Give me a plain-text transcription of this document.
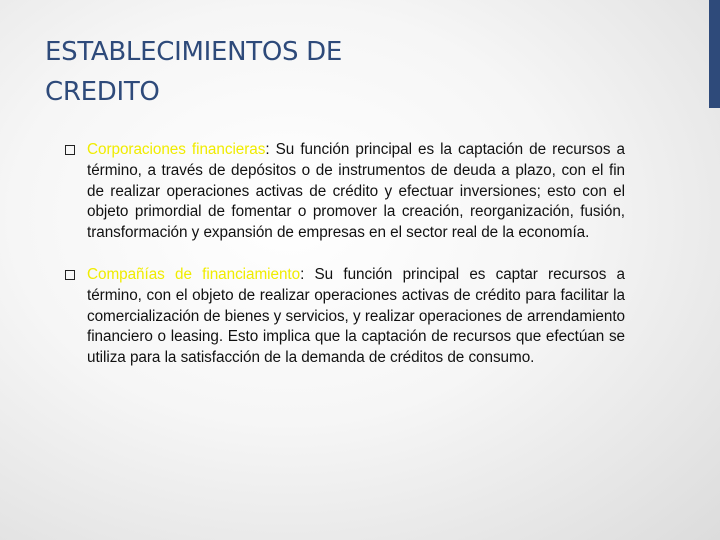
ESTABLECIMIENTOS DE
CREDITO

Corporaciones financieras: Su función principal es la captación de recursos a término, a través de depósitos o de instrumentos de deuda a plazo, con el fin de realizar operaciones activas de crédito y efectuar inversiones; esto con el objeto primordial de fomentar o promover la creación, reorganización, fusión, transformación y expansión de empresas en el sector real de la economía.

Compañías de financiamiento: Su función principal es captar recursos a término, con el objeto de realizar operaciones activas de crédito para facilitar la comercialización de bienes y servicios, y realizar operaciones de arrendamiento financiero o leasing. Esto implica que la captación de recursos que efectúan se utiliza para la satisfacción de la demanda de créditos de consumo.
